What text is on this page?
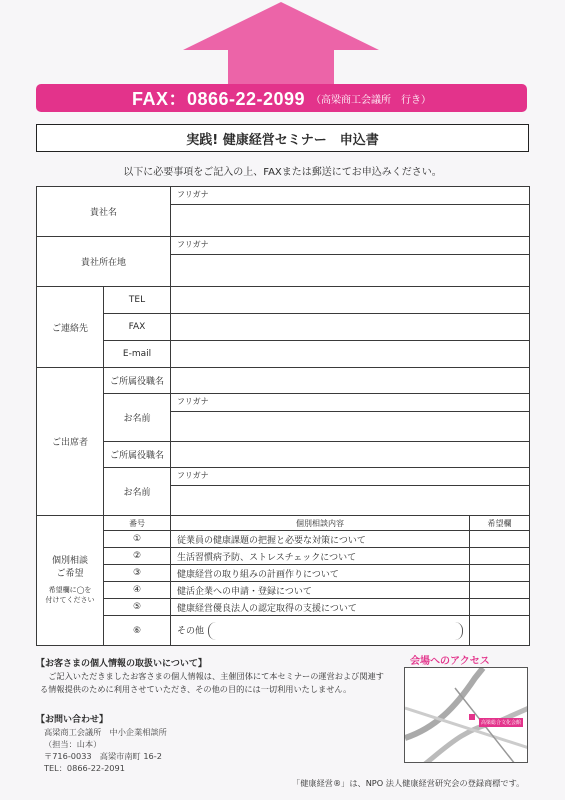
FAX：0866-22-2099 （高梁商工会議所　行き）
実践! 健康経営セミナー　申込書
以下に必要事項をご記入の上、FAXまたは郵送にてお申込みください。
貴社名		フリガナ	

貴社所在地		フリガナ	

ご連絡先	TEL		
	FAX		
	E-mail		
ご出席者	ご所属役職名		
	お名前	フリガナ	

	ご所属役職名		
	お名前	フリガナ	

個別相談
ご希望
希望欄に◯を
付けてください	番号	個別相談内容	希望欄
	①	従業員の健康課題の把握と必要な対策について	
	②	生活習慣病予防、ストレスチェックについて	
	③	健康経営の取り組みの計画作りについて	
	④	健活企業への申請・登録について	
	⑤	健康経営優良法人の認定取得の支援について	
	⑥	その他	
【お客さまの個人情報の取扱いについて】
ご記入いただきましたお客さまの個人情報は、主催団体にて本セミナーの運営および関連する情報提供のために利用させていただき、その他の目的には一切利用いたしません。
【お問い合わせ】
高梁商工会議所　中小企業相談所
（担当：山本）
〒716-0033　高梁市南町 16-2
TEL：0866-22-2091
会場へのアクセス
高梁総合文化会館
「健康経営®」は、NPO 法人健康経営研究会の登録商標です。
